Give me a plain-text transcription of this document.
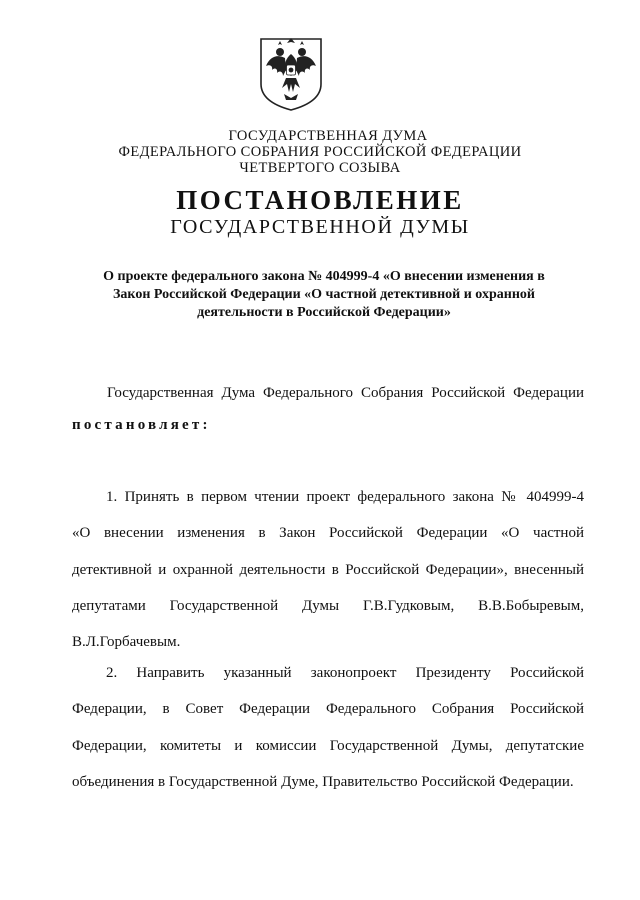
ГОСУДАРСТВЕННАЯ ДУМА
ФЕДЕРАЛЬНОГО СОБРАНИЯ РОССИЙСКОЙ ФЕДЕРАЦИИ
ЧЕТВЕРТОГО СОЗЫВА
ПОСТАНОВЛЕНИЕ
ГОСУДАРСТВЕННОЙ ДУМЫ
О проекте федерального закона № 404999-4 «О внесении изменения в
Закон Российской Федерации «О частной детективной и охранной
деятельности в Российской Федерации»
Государственная Дума Федерального Собрания Российской Федерации
постановляет:
1. Принять в первом чтении проект федерального закона № 404999-4
«О внесении изменения в Закон Российской Федерации «О частной
детективной и охранной деятельности в Российской Федерации», внесенный
депутатами Государственной Думы Г.В.Гудковым, В.В.Бобыревым,
В.Л.Горбачевым.
2. Направить указанный законопроект Президенту Российской
Федерации, в Совет Федерации Федерального Собрания Российской
Федерации, комитеты и комиссии Государственной Думы, депутатские
объединения в Государственной Думе, Правительство Российской Федерации.
